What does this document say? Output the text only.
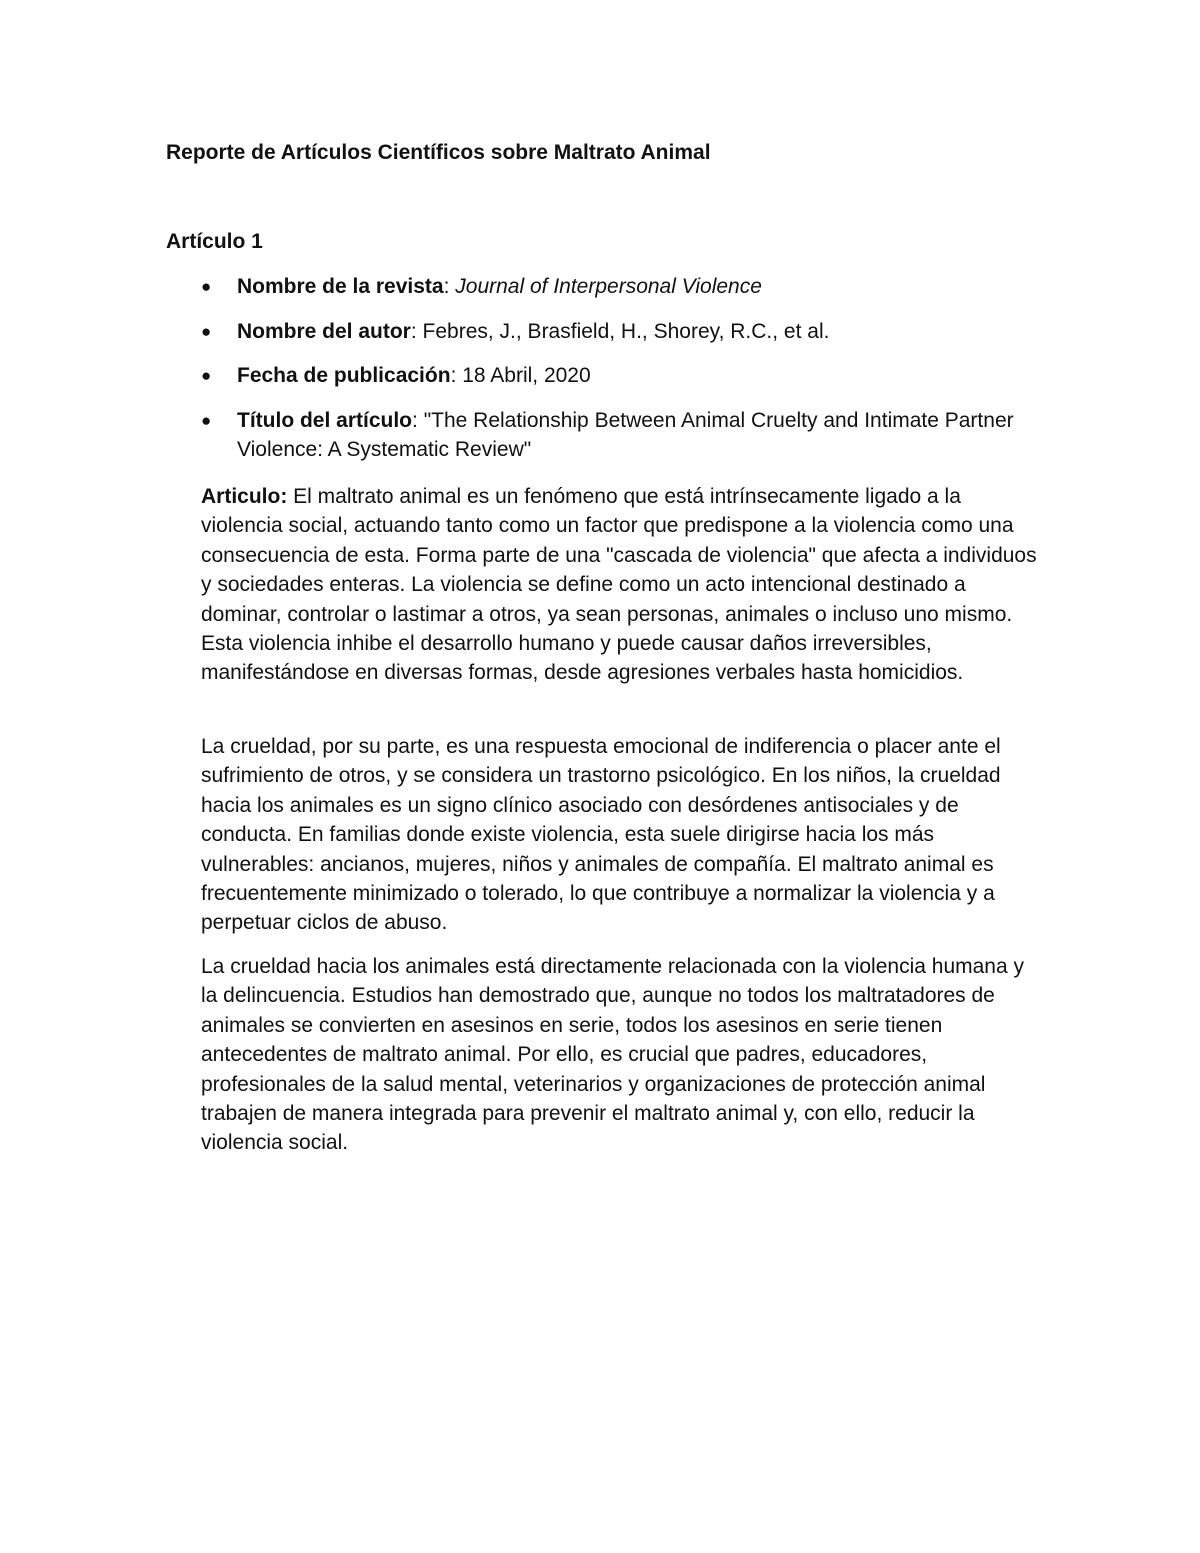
Reporte de Artículos Científicos sobre Maltrato Animal
Artículo 1
● Nombre de la revista: Journal of Interpersonal Violence
● Nombre del autor: Febres, J., Brasfield, H., Shorey, R.C., et al.
● Fecha de publicación: 18 Abril, 2020
● Título del artículo: "The Relationship Between Animal Cruelty and Intimate Partner Violence: A Systematic Review"

Articulo: El maltrato animal es un fenómeno que está intrínsecamente ligado a la violencia social, actuando tanto como un factor que predispone a la violencia como una consecuencia de esta. Forma parte de una "cascada de violencia" que afecta a individuos y sociedades enteras. La violencia se define como un acto intencional destinado a dominar, controlar o lastimar a otros, ya sean personas, animales o incluso uno mismo. Esta violencia inhibe el desarrollo humano y puede causar daños irreversibles, manifestándose en diversas formas, desde agresiones verbales hasta homicidios.

La crueldad, por su parte, es una respuesta emocional de indiferencia o placer ante el sufrimiento de otros, y se considera un trastorno psicológico. En los niños, la crueldad hacia los animales es un signo clínico asociado con desórdenes antisociales y de conducta. En familias donde existe violencia, esta suele dirigirse hacia los más vulnerables: ancianos, mujeres, niños y animales de compañía. El maltrato animal es frecuentemente minimizado o tolerado, lo que contribuye a normalizar la violencia y a perpetuar ciclos de abuso.

La crueldad hacia los animales está directamente relacionada con la violencia humana y la delincuencia. Estudios han demostrado que, aunque no todos los maltratadores de animales se convierten en asesinos en serie, todos los asesinos en serie tienen antecedentes de maltrato animal. Por ello, es crucial que padres, educadores, profesionales de la salud mental, veterinarios y organizaciones de protección animal trabajen de manera integrada para prevenir el maltrato animal y, con ello, reducir la violencia social.
